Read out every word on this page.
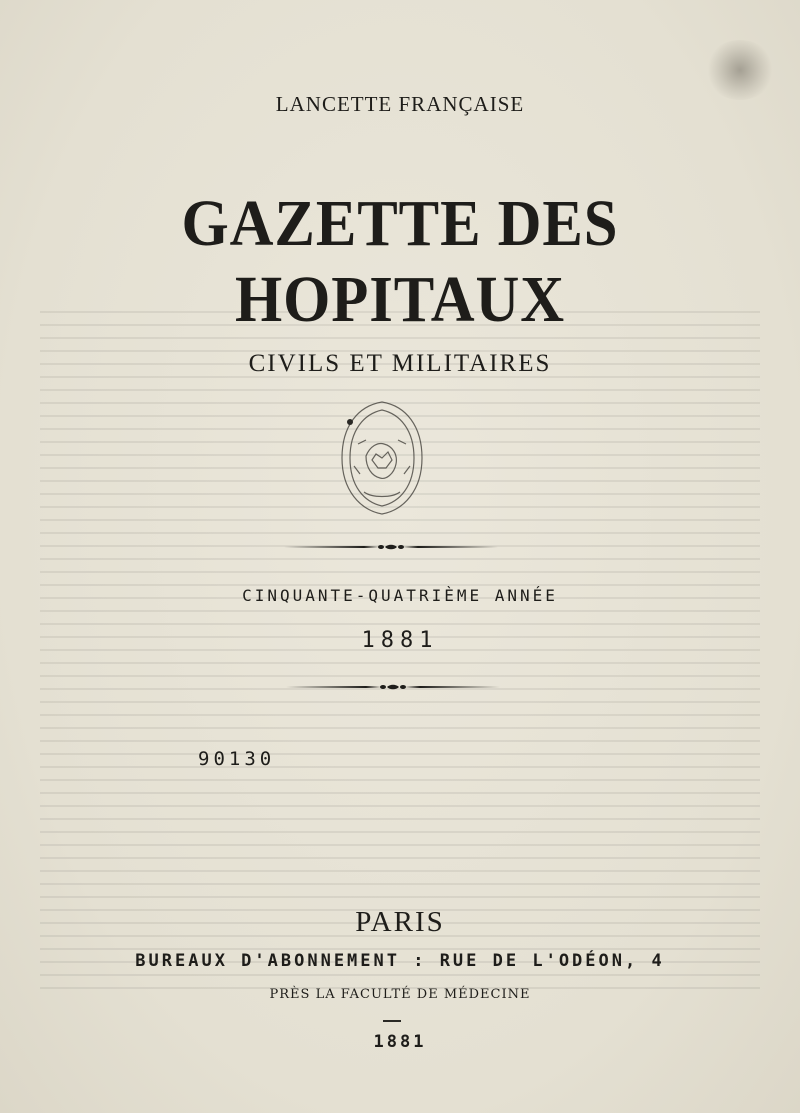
LANCETTE FRANÇAISE
GAZETTE DES HOPITAUX
CIVILS ET MILITAIRES
CINQUANTE-QUATRIÈME ANNÉE
1881
90130
PARIS
BUREAUX D'ABONNEMENT : RUE DE L'ODÉON, 4
PRÈS LA FACULTÉ DE MÉDECINE
1881
